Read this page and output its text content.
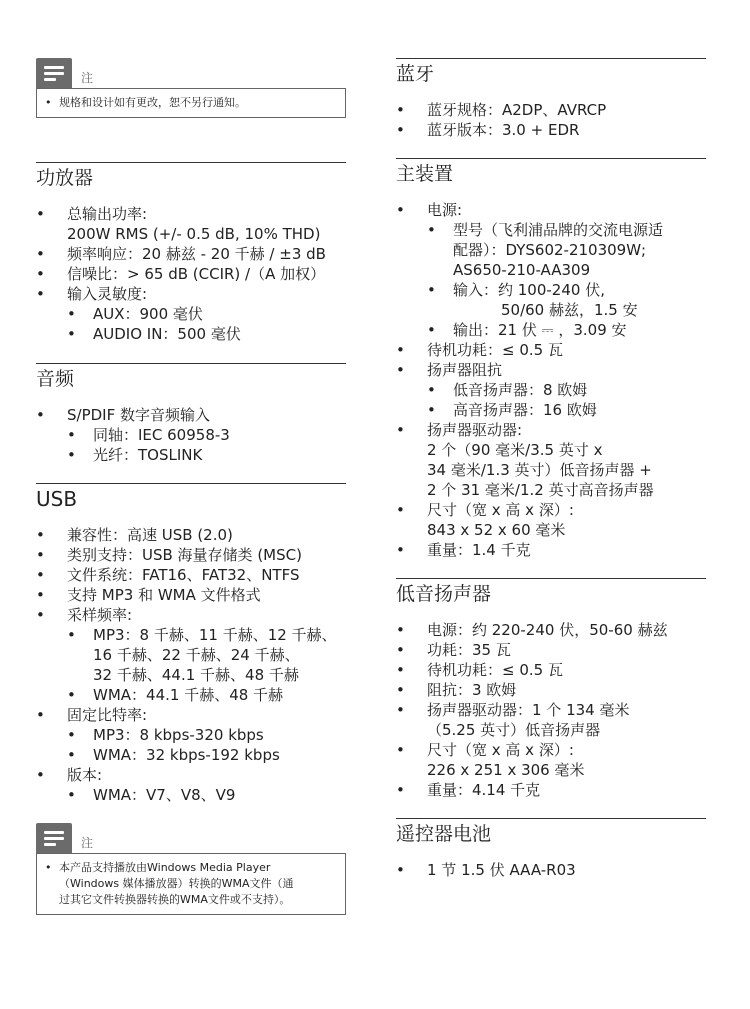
注
• 规格和设计如有更改，恕不另行通知。
功放器
•	总输出功率:
200W RMS (+/- 0.5 dB, 10% THD)
•	频率响应：20 赫兹 - 20 千赫 / ±3 dB
•	信噪比：> 65 dB (CCIR) /（A 加权）
•	输入灵敏度:
•	AUX：900 毫伏
•	AUDIO IN：500 毫伏
音频
•	S/PDIF 数字音频输入
•	同轴：IEC 60958-3
•	光纤：TOSLINK
USB
•	兼容性：高速 USB (2.0)
•	类别支持：USB 海量存储类 (MSC)
•	文件系统：FAT16、FAT32、NTFS
•	支持 MP3 和 WMA 文件格式
•	采样频率:
•	MP3：8 千赫、11 千赫、12 千赫、
16 千赫、22 千赫、24 千赫、
32 千赫、44.1 千赫、48 千赫
•	WMA：44.1 千赫、48 千赫
•	固定比特率:
•	MP3：8 kbps-320 kbps
•	WMA：32 kbps-192 kbps
•	版本:
•	WMA：V7、V8、V9
注
• 本产品支持播放由Windows Media Player
（Windows 媒体播放器）转换的WMA文件（通
过其它文件转换器转换的WMA文件或不支持）。
蓝牙
•	蓝牙规格：A2DP、AVRCP
•	蓝牙版本：3.0 + EDR
主装置
•	电源:
•	型号（飞利浦品牌的交流电源适
配器）：DYS602-210309W;
AS650-210-AA309
•	输入：约 100-240 伏,
50/60 赫兹，1.5 安
•	输出：21 伏 ⎓ ，3.09 安
•	待机功耗：≤ 0.5 瓦
•	扬声器阻抗
•	低音扬声器：8 欧姆
•	高音扬声器：16 欧姆
•	扬声器驱动器:
2 个（90 毫米/3.5 英寸 x
34 毫米/1.3 英寸）低音扬声器 +
2 个 31 毫米/1.2 英寸高音扬声器
•	尺寸（宽 x 高 x 深）:
843 x 52 x 60 毫米
•	重量：1.4 千克
低音扬声器
•	电源：约 220-240 伏，50-60 赫兹
•	功耗：35 瓦
•	待机功耗：≤ 0.5 瓦
•	阻抗：3 欧姆
•	扬声器驱动器：1 个 134 毫米
（5.25 英寸）低音扬声器
•	尺寸（宽 x 高 x 深）:
226 x 251 x 306 毫米
•	重量：4.14 千克
遥控器电池
•	1 节 1.5 伏 AAA-R03
